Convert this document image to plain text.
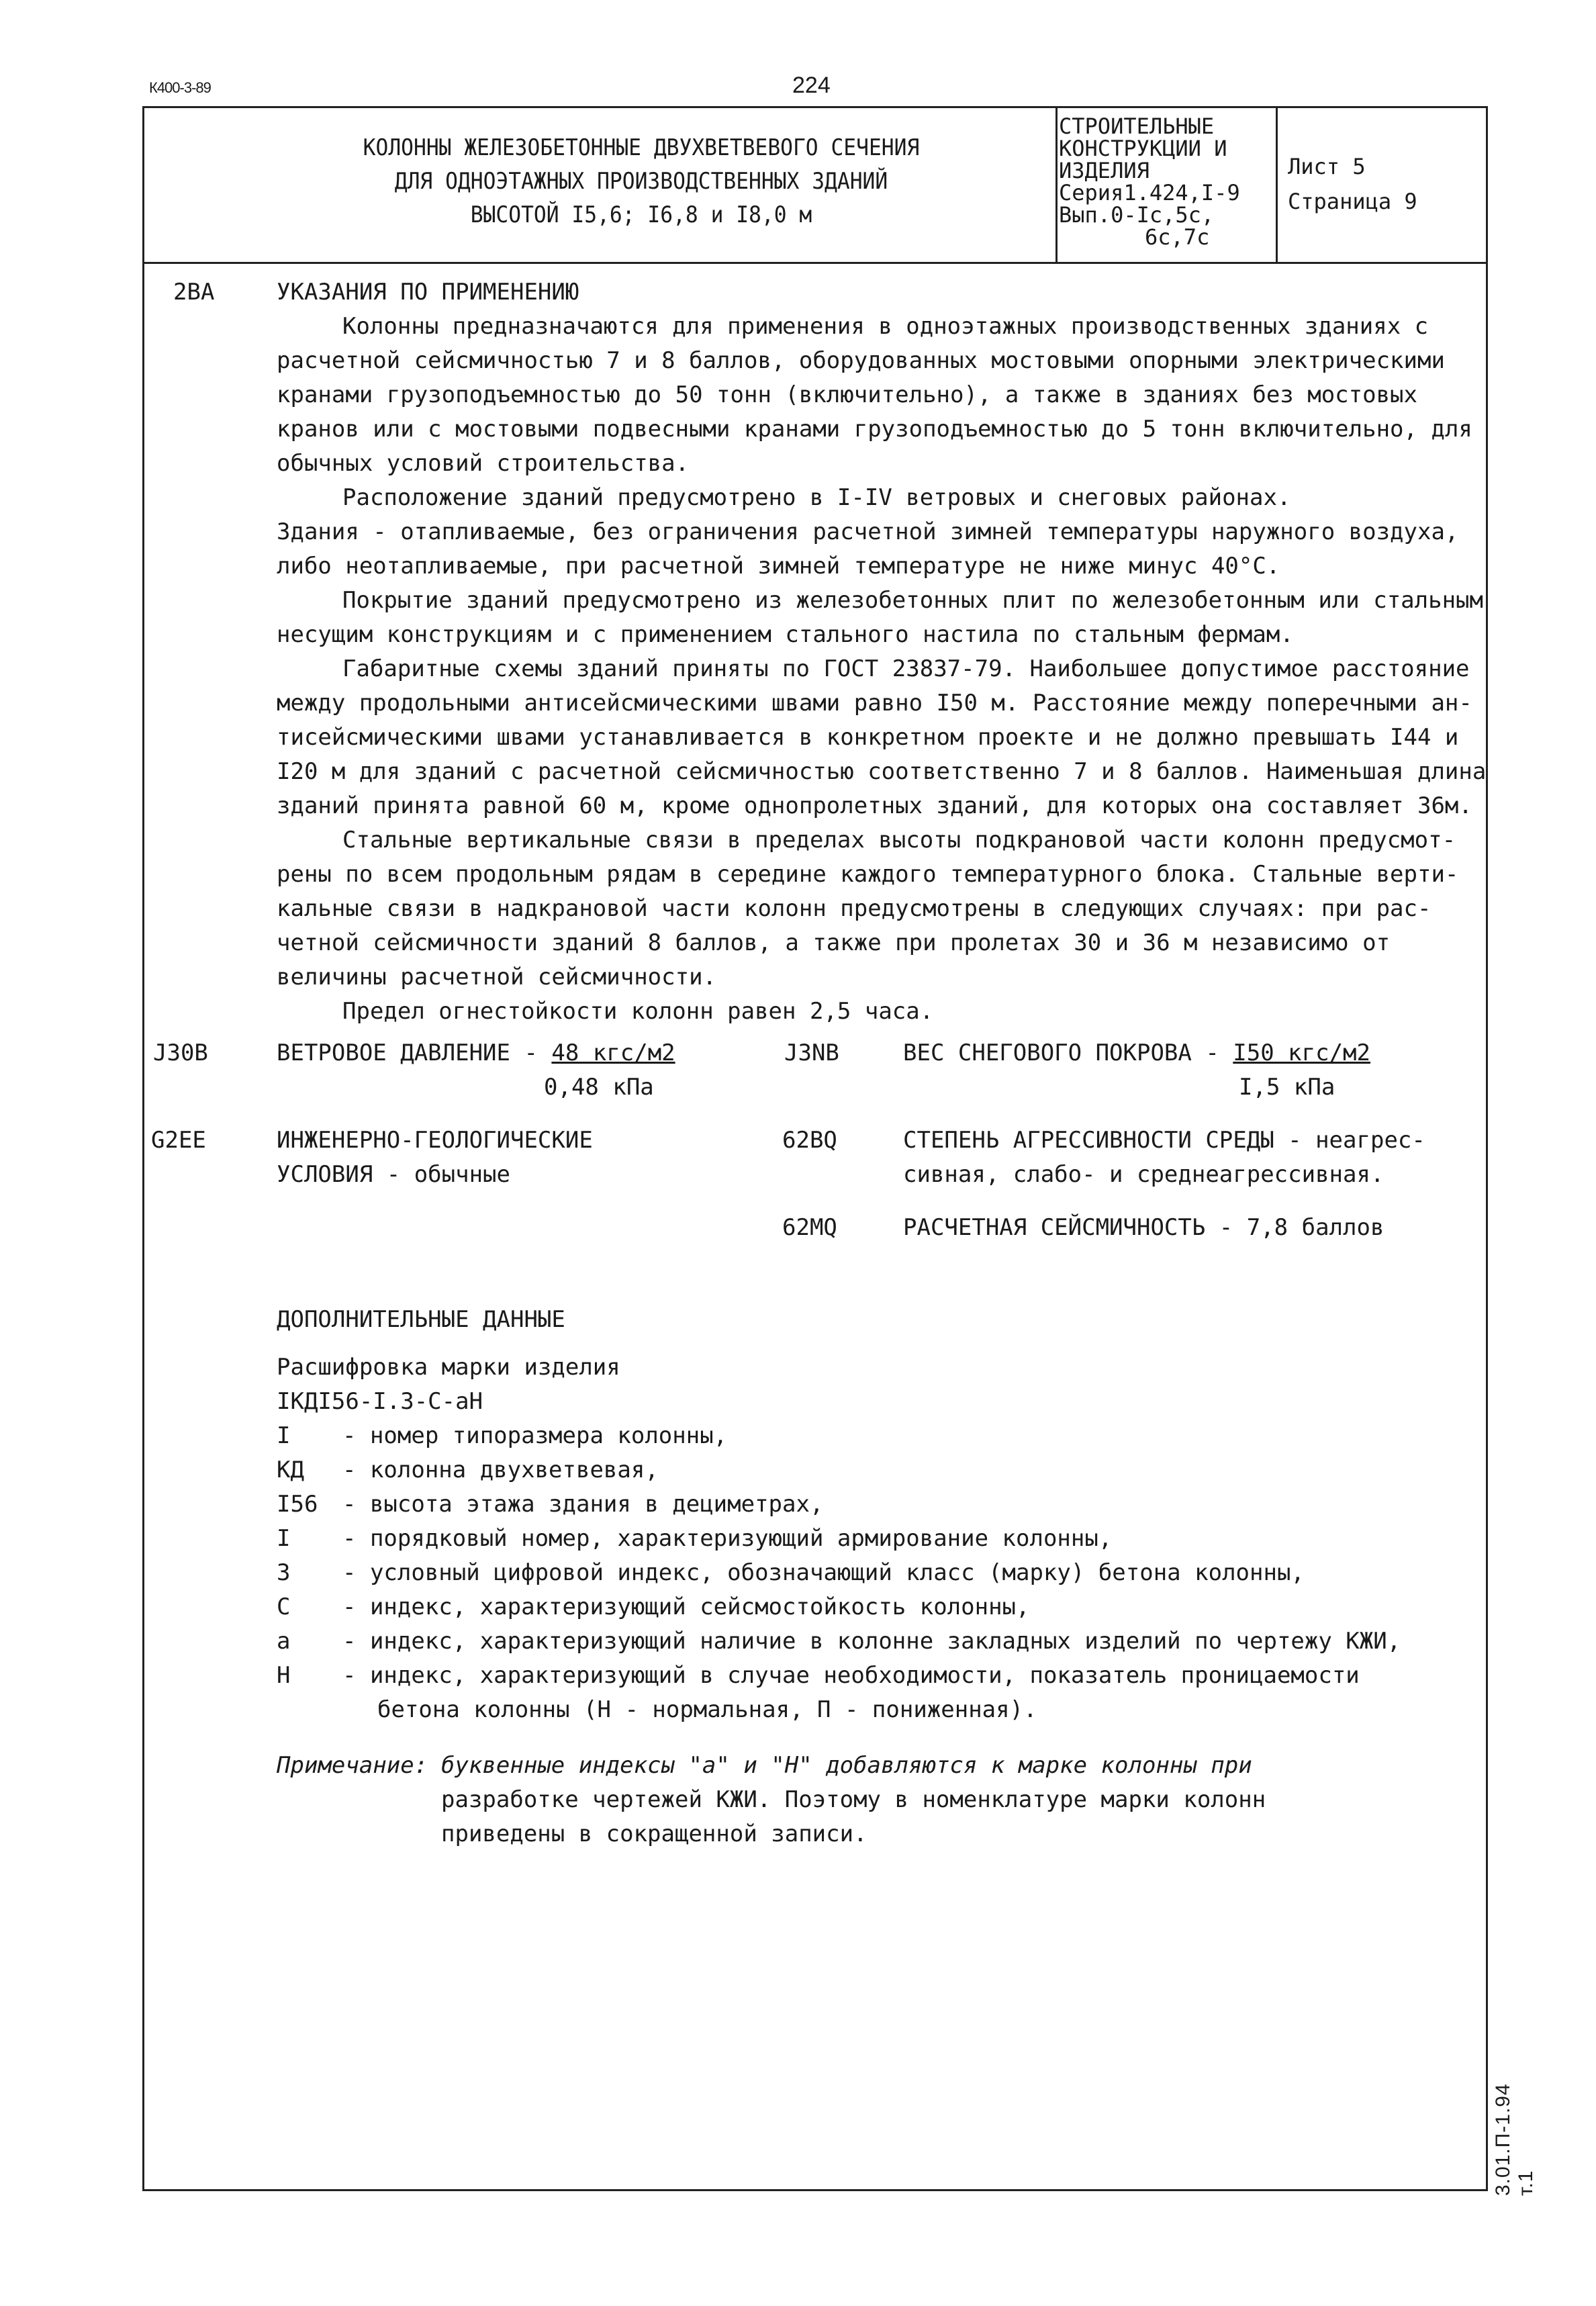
К400-3-89	224
КОЛОННЫ ЖЕЛЕЗОБЕТОННЫЕ ДВУХВЕТВЕВОГО СЕЧЕНИЯ
ДЛЯ ОДНОЭТАЖНЫХ ПРОИЗВОДСТВЕННЫХ ЗДАНИЙ
ВЫСОТОЙ I5,6; I6,8 и I8,0 м
СТРОИТЕЛЬНЫЕ
КОНСТРУКЦИИ И
ИЗДЕЛИЯ
Серия1.424,I-9
Вып.0-Iс,5с,
6с,7с
Лист 5
Страница 9
2ВА	УКАЗАНИЯ ПО ПРИМЕНЕНИЮ
Колонны предназначаются для применения в одноэтажных производственных зданиях с
расчетной сейсмичностью 7 и 8 баллов, оборудованных мостовыми опорными электрическими
кранами грузоподъемностью до 50 тонн (включительно), а также в зданиях без мостовых
кранов или с мостовыми подвесными кранами грузоподъемностью до 5 тонн включительно, для
обычных условий строительства.
Расположение зданий предусмотрено в I-IV ветровых и снеговых районах.
Здания - отапливаемые, без ограничения расчетной зимней температуры наружного воздуха,
либо неотапливаемые, при расчетной зимней температуре не ниже минус 40°С.
Покрытие зданий предусмотрено из железобетонных плит по железобетонным или стальным
несущим конструкциям и с применением стального настила по стальным фермам.
Габаритные схемы зданий приняты по ГОСТ 23837-79. Наибольшее допустимое расстояние
между продольными антисейсмическими швами равно I50 м. Расстояние между поперечными ан-
тисейсмическими швами устанавливается в конкретном проекте и не должно превышать I44 и
I20 м для зданий с расчетной сейсмичностью соответственно 7 и 8 баллов. Наименьшая длина
зданий принята равной 60 м, кроме однопролетных зданий, для которых она составляет 36м.
Стальные вертикальные связи в пределах высоты подкрановой части колонн предусмот-
рены по всем продольным рядам в середине каждого температурного блока. Стальные верти-
кальные связи в надкрановой части колонн предусмотрены в следующих случаях: при рас-
четной сейсмичности зданий 8 баллов, а также при пролетах 30 и 36 м независимо от
величины расчетной сейсмичности.
Предел огнестойкости колонн равен 2,5 часа.
J30B	ВЕТРОВОЕ ДАВЛЕНИЕ - 48 кгс/м2
0,48 кПа
J3NB	ВЕС СНЕГОВОГО ПОКРОВА - I50 кгс/м2
I,5 кПа
G2EE	ИНЖЕНЕРНО-ГЕОЛОГИЧЕСКИЕ
УСЛОВИЯ - обычные
62BQ	СТЕПЕНЬ АГРЕССИВНОСТИ СРЕДЫ - неагрес-
сивная, слабо- и среднеагрессивная.
62MQ	РАСЧЕТНАЯ СЕЙСМИЧНОСТЬ - 7,8 баллов
ДОПОЛНИТЕЛЬНЫЕ ДАННЫЕ
Расшифровка марки изделия
IКДI56-I.3-С-аН
I	- номер типоразмера колонны,
КД	- колонна двухветвевая,
I56	- высота этажа здания в дециметрах,
I	- порядковый номер, характеризующий армирование колонны,
3	- условный цифровой индекс, обозначающий класс (марку) бетона колонны,
С	- индекс, характеризующий сейсмостойкость колонны,
а	- индекс, характеризующий наличие в колонне закладных изделий по чертежу КЖИ,
Н	- индекс, характеризующий в случае необходимости, показатель проницаемости
бетона колонны (Н - нормальная, П - пониженная).
Примечание: буквенные индексы "а" и "Н" добавляются к марке колонны при
разработке чертежей КЖИ. Поэтому в номенклатуре марки колонн
приведены в сокращенной записи.
3.01.П-1.94 т.1
